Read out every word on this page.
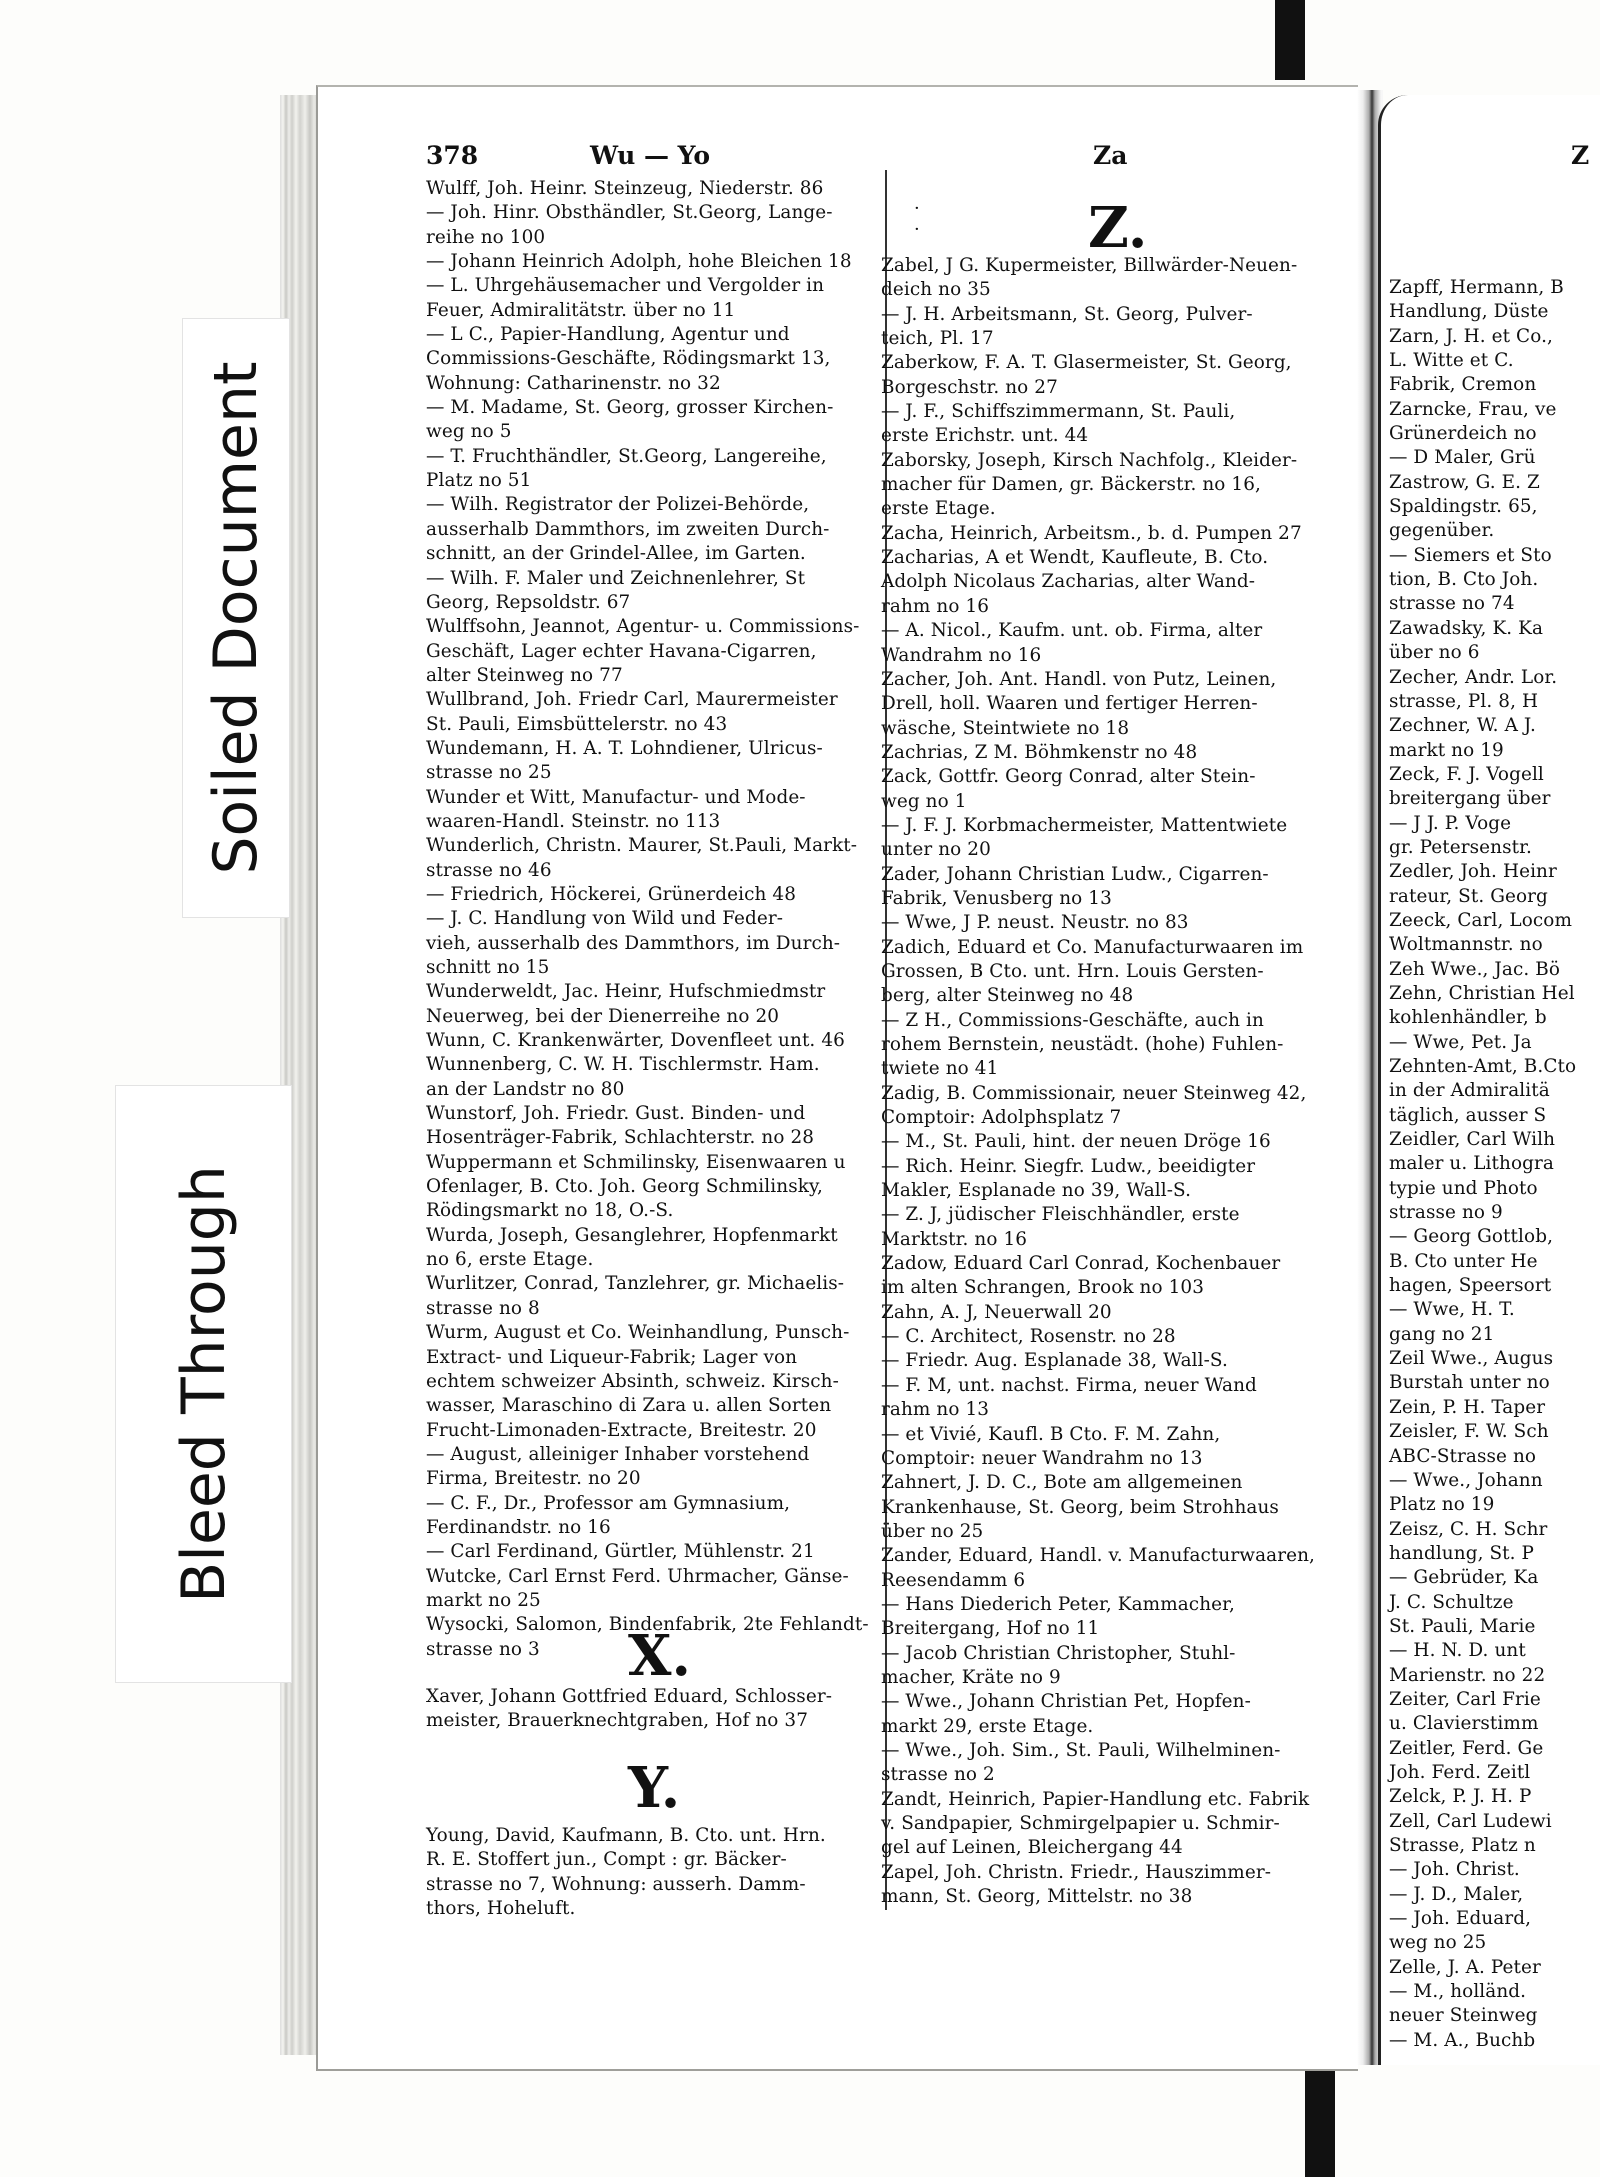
Soiled Document
Bleed Through
378	Wu — Yo	Za
·
·
Wulff, Joh. Heinr. Steinzeug, Niederstr. 86
— Joh. Hinr. Obsthändler, St.Georg, Lange-
reihe no 100
— Johann Heinrich Adolph, hohe Bleichen 18
— L. Uhrgehäusemacher und Vergolder in
Feuer, Admiralitätstr. über no 11
— L C., Papier-Handlung, Agentur und
Commissions-Geschäfte, Rödingsmarkt 13,
Wohnung: Catharinenstr. no 32
— M. Madame, St. Georg, grosser Kirchen-
weg no 5
— T. Fruchthändler, St.Georg, Langereihe,
Platz no 51
— Wilh. Registrator der Polizei-Behörde,
ausserhalb Dammthors, im zweiten Durch-
schnitt, an der Grindel-Allee, im Garten.
— Wilh. F. Maler und Zeichnenlehrer, St
Georg, Repsoldstr. 67
Wulffsohn, Jeannot, Agentur- u. Commissions-
Geschäft, Lager echter Havana-Cigarren,
alter Steinweg no 77
Wullbrand, Joh. Friedr Carl, Maurermeister
St. Pauli, Eimsbüttelerstr. no 43
Wundemann, H. A. T. Lohndiener, Ulricus-
strasse no 25
Wunder et Witt, Manufactur- und Mode-
waaren-Handl. Steinstr. no 113
Wunderlich, Christn. Maurer, St.Pauli, Markt-
strasse no 46
— Friedrich, Höckerei, Grünerdeich 48
— J. C. Handlung von Wild und Feder-
vieh, ausserhalb des Dammthors, im Durch-
schnitt no 15
Wunderweldt, Jac. Heinr, Hufschmiedmstr
Neuerweg, bei der Dienerreihe no 20
Wunn, C. Krankenwärter, Dovenfleet unt. 46
Wunnenberg, C. W. H. Tischlermstr. Ham.
an der Landstr no 80
Wunstorf, Joh. Friedr. Gust. Binden- und
Hosenträger-Fabrik, Schlachterstr. no 28
Wuppermann et Schmilinsky, Eisenwaaren u
Ofenlager, B. Cto. Joh. Georg Schmilinsky,
Rödingsmarkt no 18, O.-S.
Wurda, Joseph, Gesanglehrer, Hopfenmarkt
no 6, erste Etage.
Wurlitzer, Conrad, Tanzlehrer, gr. Michaelis-
strasse no 8
Wurm, August et Co. Weinhandlung, Punsch-
Extract- und Liqueur-Fabrik; Lager von
echtem schweizer Absinth, schweiz. Kirsch-
wasser, Maraschino di Zara u. allen Sorten
Frucht-Limonaden-Extracte, Breitestr. 20
— August, alleiniger Inhaber vorstehend
Firma, Breitestr. no 20
— C. F., Dr., Professor am Gymnasium,
Ferdinandstr. no 16
— Carl Ferdinand, Gürtler, Mühlenstr. 21
Wutcke, Carl Ernst Ferd. Uhrmacher, Gänse-
markt no 25
Wysocki, Salomon, Bindenfabrik, 2te Fehlandt-
strasse no 3	X.
Xaver, Johann Gottfried Eduard, Schlosser-
meister, Brauerknechtgraben, Hof no 37
Y.
Young, David, Kaufmann, B. Cto. unt. Hrn.
R. E. Stoffert jun., Compt : gr. Bäcker-
strasse no 7, Wohnung: ausserh. Damm-
thors, Hoheluft.
Z.
Zabel, J G. Kupermeister, Billwärder-Neuen-
deich no 35
— J. H. Arbeitsmann, St. Georg, Pulver-
teich, Pl. 17
Zaberkow, F. A. T. Glasermeister, St. Georg,
Borgeschstr. no 27
— J. F., Schiffszimmermann, St. Pauli,
erste Erichstr. unt. 44
Zaborsky, Joseph, Kirsch Nachfolg., Kleider-
macher für Damen, gr. Bäckerstr. no 16,
erste Etage.
Zacha, Heinrich, Arbeitsm., b. d. Pumpen 27
Zacharias, A et Wendt, Kaufleute, B. Cto.
Adolph Nicolaus Zacharias, alter Wand-
rahm no 16
— A. Nicol., Kaufm. unt. ob. Firma, alter
Wandrahm no 16
Zacher, Joh. Ant. Handl. von Putz, Leinen,
Drell, holl. Waaren und fertiger Herren-
wäsche, Steintwiete no 18
Zachrias, Z M. Böhmkenstr no 48
Zack, Gottfr. Georg Conrad, alter Stein-
weg no 1
— J. F. J. Korbmachermeister, Mattentwiete
unter no 20
Zader, Johann Christian Ludw., Cigarren-
Fabrik, Venusberg no 13
— Wwe, J P. neust. Neustr. no 83
Zadich, Eduard et Co. Manufacturwaaren im
Grossen, B Cto. unt. Hrn. Louis Gersten-
berg, alter Steinweg no 48
— Z H., Commissions-Geschäfte, auch in
rohem Bernstein, neustädt. (hohe) Fuhlen-
twiete no 41
Zadig, B. Commissionair, neuer Steinweg 42,
Comptoir: Adolphsplatz 7
— M., St. Pauli, hint. der neuen Dröge 16
— Rich. Heinr. Siegfr. Ludw., beeidigter
Makler, Esplanade no 39, Wall-S.
— Z. J, jüdischer Fleischhändler, erste
Marktstr. no 16
Zadow, Eduard Carl Conrad, Kochenbauer
im alten Schrangen, Brook no 103
Zahn, A. J, Neuerwall 20
— C. Architect, Rosenstr. no 28
— Friedr. Aug. Esplanade 38, Wall-S.
— F. M, unt. nachst. Firma, neuer Wand
rahm no 13
— et Vivié, Kaufl. B Cto. F. M. Zahn,
Comptoir: neuer Wandrahm no 13
Zahnert, J. D. C., Bote am allgemeinen
Krankenhause, St. Georg, beim Strohhaus
über no 25
Zander, Eduard, Handl. v. Manufacturwaaren,
Reesendamm 6
— Hans Diederich Peter, Kammacher,
Breitergang, Hof no 11
— Jacob Christian Christopher, Stuhl-
macher, Kräte no 9
— Wwe., Johann Christian Pet, Hopfen-
markt 29, erste Etage.
— Wwe., Joh. Sim., St. Pauli, Wilhelminen-
strasse no 2
Zandt, Heinrich, Papier-Handlung etc. Fabrik
v. Sandpapier, Schmirgelpapier u. Schmir-
gel auf Leinen, Bleichergang 44
Zapel, Joh. Christn. Friedr., Hauszimmer-
mann, St. Georg, Mittelstr. no 38
Z
Zapff, Hermann, B
Handlung, Düste
Zarn, J. H. et Co.,
L. Witte et C.
Fabrik, Cremon
Zarncke, Frau, ve
Grünerdeich no
— D Maler, Grü
Zastrow, G. E. Z
Spaldingstr. 65,
gegenüber.
— Siemers et Sto
tion, B. Cto Joh.
strasse no 74
Zawadsky, K. Ka
über no 6
Zecher, Andr. Lor.
strasse, Pl. 8, H
Zechner, W. A J.
markt no 19
Zeck, F. J. Vogell
breitergang über
— J J. P. Voge
gr. Petersenstr.
Zedler, Joh. Heinr
rateur, St. Georg
Zeeck, Carl, Locom
Woltmannstr. no
Zeh Wwe., Jac. Bö
Zehn, Christian Hel
kohlenhändler, b
— Wwe, Pet. Ja
Zehnten-Amt, B.Cto
in der Admiralitä
täglich, ausser S
Zeidler, Carl Wilh
maler u. Lithogra
typie und Photo
strasse no 9
— Georg Gottlob,
B. Cto unter He
hagen, Speersort
— Wwe, H. T.
gang no 21
Zeil Wwe., Augus
Burstah unter no
Zein, P. H. Taper
Zeisler, F. W. Sch
ABC-Strasse no
— Wwe., Johann
Platz no 19
Zeisz, C. H. Schr
handlung, St. P
— Gebrüder, Ka
J. C. Schultze
St. Pauli, Marie
— H. N. D. unt
Marienstr. no 22
Zeiter, Carl Frie
u. Clavierstimm
Zeitler, Ferd. Ge
Joh. Ferd. Zeitl
Zelck, P. J. H. P
Zell, Carl Ludewi
Strasse, Platz n
— Joh. Christ.
— J. D., Maler,
— Joh. Eduard,
weg no 25
Zelle, J. A. Peter
— M., holländ.
neuer Steinweg
— M. A., Buchb
